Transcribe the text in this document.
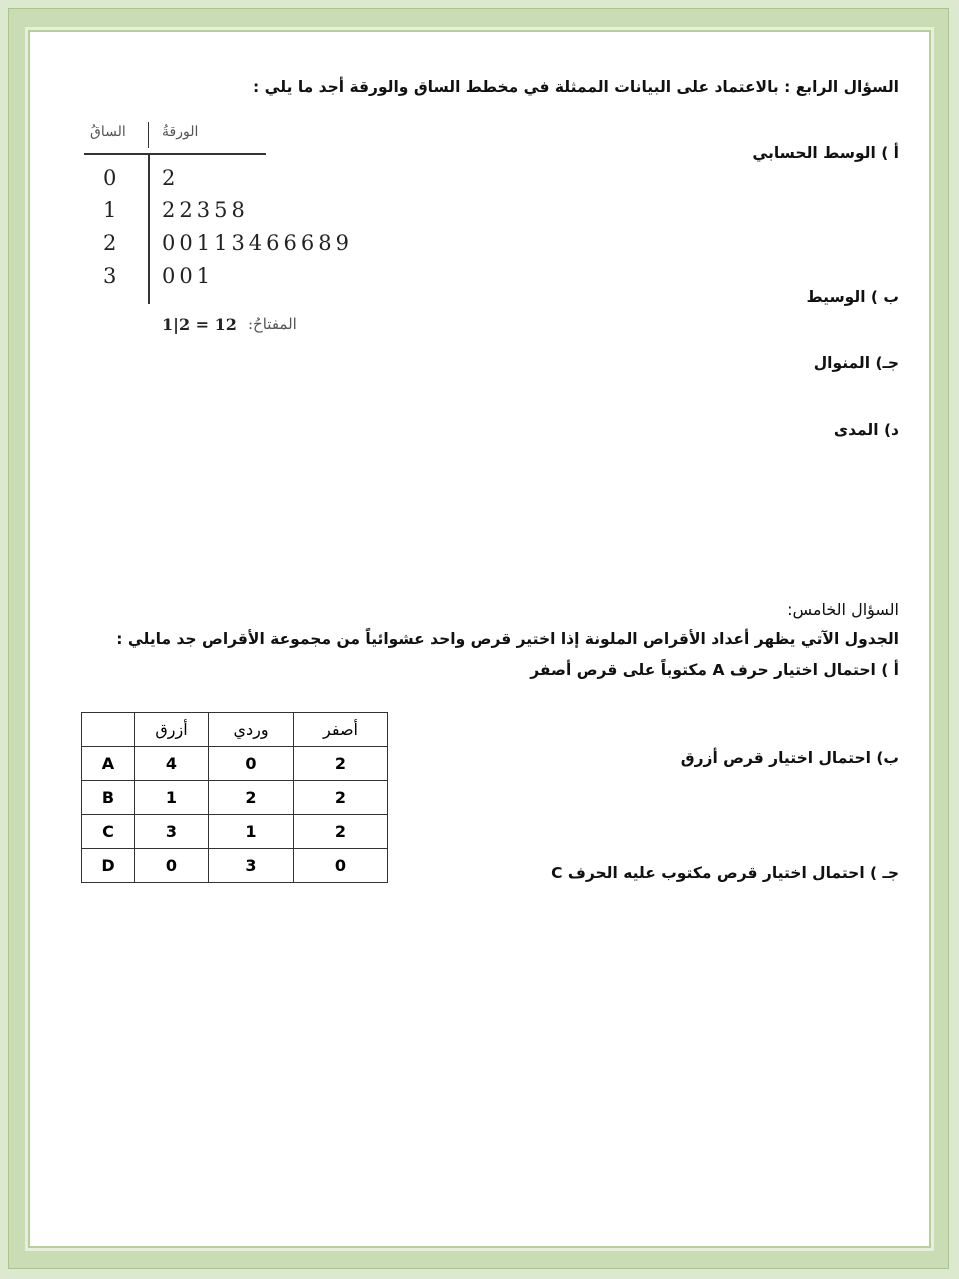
السؤال الرابع : بالاعتماد على البيانات الممثلة في مخطط الساق والورقة أجد ما يلي :
الساقُ	الورقةُ
0 2
1 22358
2 00113466689
3 001
1|2 = 12 المفتاحُ:
أ ) الوسط الحسابي
ب ) الوسيط
جـ) المنوال
د) المدى
السؤال الخامس:
الجدول الآتي يظهر أعداد الأقراص الملونة إذا اختير قرص واحد عشوائياً من مجموعة الأقراص جد مايلي :
أ ) احتمال اختيار حرف A مكتوباً على قرص أصفر
ب) احتمال اختيار قرص أزرق
جـ ) احتمال اختيار قرص مكتوب عليه الحرف C
	أزرق	وردي	أصفر
A	4	0	2
B	1	2	2
C	3	1	2
D	0	3	0
